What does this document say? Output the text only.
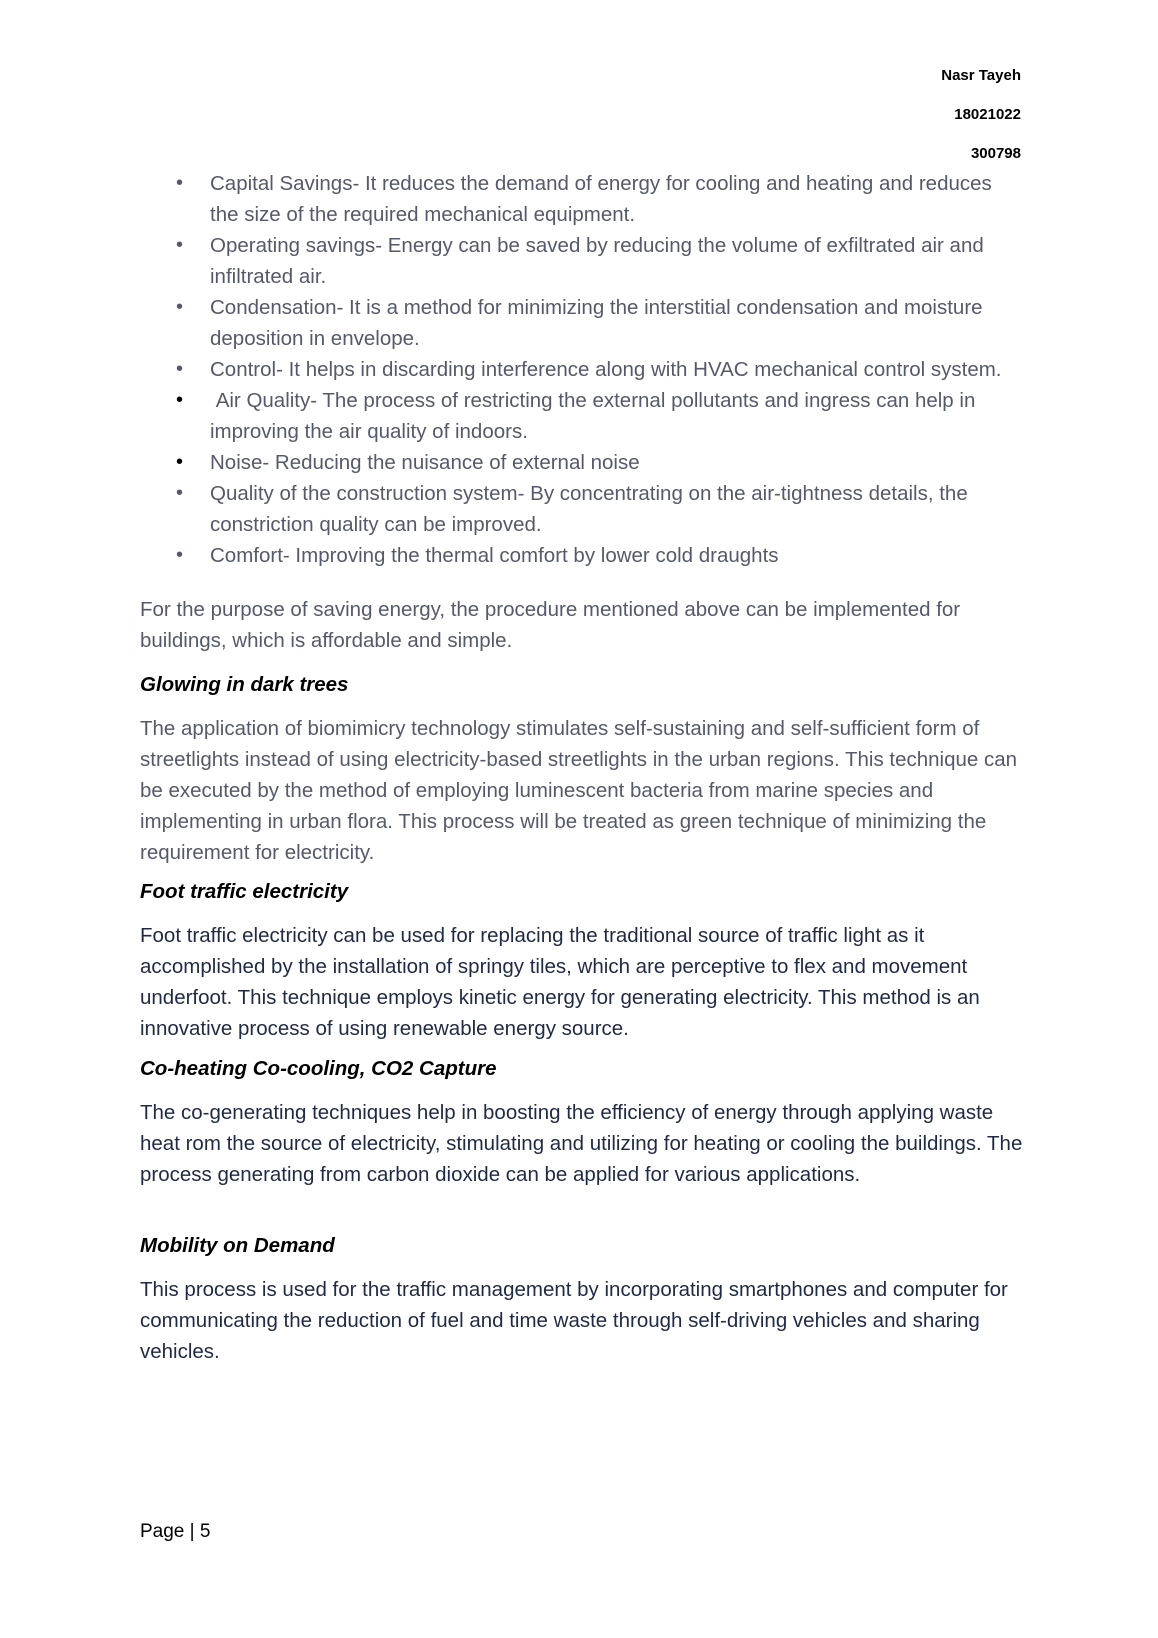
Nasr Tayeh
18021022
300798
• Capital Savings- It reduces the demand of energy for cooling and heating and reduces the size of the required mechanical equipment.
• Operating savings- Energy can be saved by reducing the volume of exfiltrated air and infiltrated air.
• Condensation- It is a method for minimizing the interstitial condensation and moisture deposition in envelope.
• Control- It helps in discarding interference along with HVAC mechanical control system.
• Air Quality- The process of restricting the external pollutants and ingress can help in improving the air quality of indoors.
• Noise- Reducing the nuisance of external noise
• Quality of the construction system- By concentrating on the air-tightness details, the constriction quality can be improved.
• Comfort- Improving the thermal comfort by lower cold draughts

For the purpose of saving energy, the procedure mentioned above can be implemented for buildings, which is affordable and simple.

Glowing in dark trees

The application of biomimicry technology stimulates self-sustaining and self-sufficient form of streetlights instead of using electricity-based streetlights in the urban regions. This technique can be executed by the method of employing luminescent bacteria from marine species and implementing in urban flora. This process will be treated as green technique of minimizing the requirement for electricity.

Foot traffic electricity

Foot traffic electricity can be used for replacing the traditional source of traffic light as it accomplished by the installation of springy tiles, which are perceptive to flex and movement underfoot. This technique employs kinetic energy for generating electricity. This method is an innovative process of using renewable energy source.

Co-heating Co-cooling, CO2 Capture

The co-generating techniques help in boosting the efficiency of energy through applying waste heat rom the source of electricity, stimulating and utilizing for heating or cooling the buildings. The process generating from carbon dioxide can be applied for various applications.

Mobility on Demand

This process is used for the traffic management by incorporating smartphones and computer for communicating the reduction of fuel and time waste through self-driving vehicles and sharing vehicles.

Page | 5
